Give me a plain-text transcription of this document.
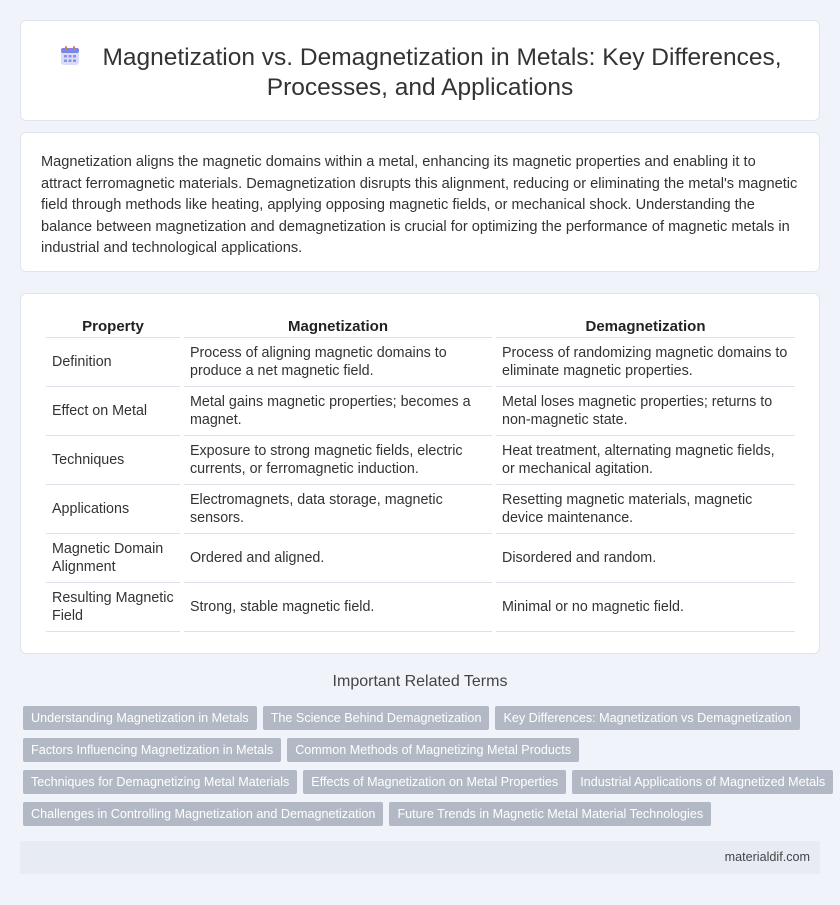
Magnetization vs. Demagnetization in Metals: Key Differences, Processes, and Applications

Magnetization aligns the magnetic domains within a metal, enhancing its magnetic properties and enabling it to attract ferromagnetic materials. Demagnetization disrupts this alignment, reducing or eliminating the metal's magnetic field through methods like heating, applying opposing magnetic fields, or mechanical shock. Understanding the balance between magnetization and demagnetization is crucial for optimizing the performance of magnetic metals in industrial and technological applications.

Property	Magnetization	Demagnetization
Definition	Process of aligning magnetic domains to produce a net magnetic field.	Process of randomizing magnetic domains to eliminate magnetic properties.
Effect on Metal	Metal gains magnetic properties; becomes a magnet.	Metal loses magnetic properties; returns to non-magnetic state.
Techniques	Exposure to strong magnetic fields, electric currents, or ferromagnetic induction.	Heat treatment, alternating magnetic fields, or mechanical agitation.
Applications	Electromagnets, data storage, magnetic sensors.	Resetting magnetic materials, magnetic device maintenance.
Magnetic Domain Alignment	Ordered and aligned.	Disordered and random.
Resulting Magnetic Field	Strong, stable magnetic field.	Minimal or no magnetic field.
Important Related Terms
Understanding Magnetization in Metals The Science Behind Demagnetization Key Differences: Magnetization vs Demagnetization
Factors Influencing Magnetization in Metals Common Methods of Magnetizing Metal Products
Techniques for Demagnetizing Metal Materials Effects of Magnetization on Metal Properties Industrial Applications of Magnetized Metals
Challenges in Controlling Magnetization and Demagnetization Future Trends in Magnetic Metal Material Technologies
materialdif.com
